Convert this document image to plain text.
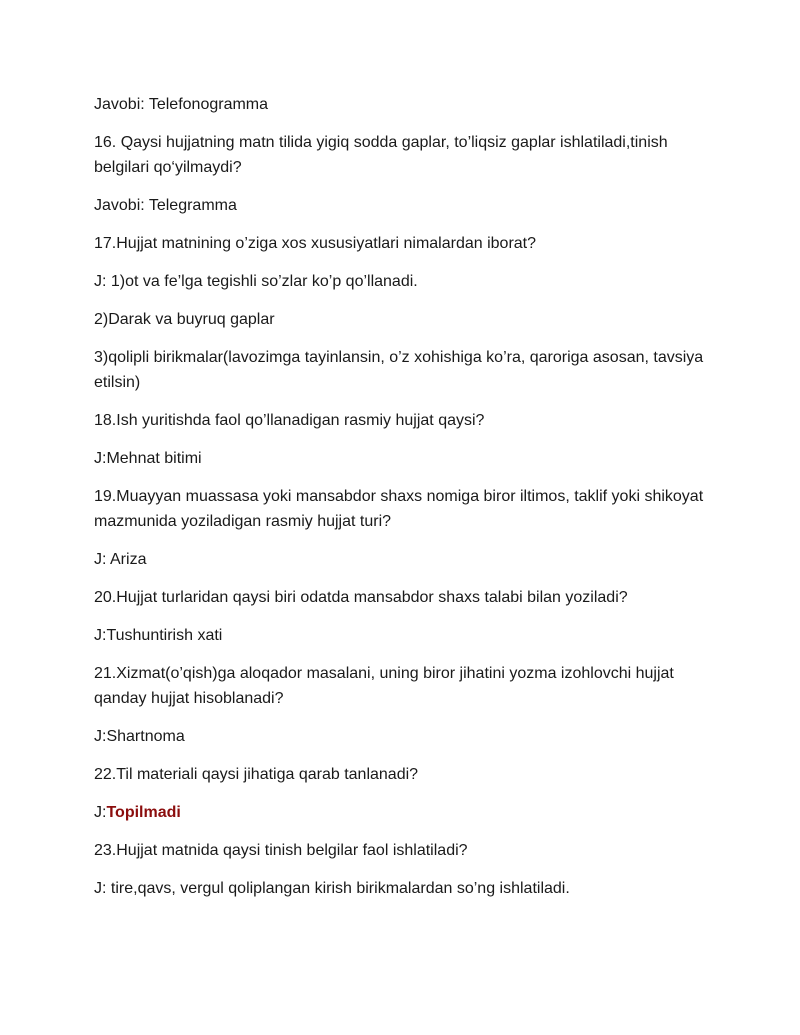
Javobi: Telefonogramma

16. Qaysi hujjatning matn tilida yigiq sodda gaplar, to’liqsiz gaplar ishlatiladi,tinish belgilari qo‘yilmaydi?

Javobi: Telegramma

17.Hujjat matnining o’ziga xos xususiyatlari nimalardan iborat?

J: 1)ot va fe’lga tegishli so’zlar ko’p qo’llanadi.

2)Darak va buyruq gaplar

3)qolipli birikmalar(lavozimga tayinlansin, o’z xohishiga ko’ra, qaroriga asosan, tavsiya etilsin)

18.Ish yuritishda faol qo’llanadigan rasmiy hujjat qaysi?

J:Mehnat bitimi

19.Muayyan muassasa yoki mansabdor shaxs nomiga biror iltimos, taklif yoki shikoyat mazmunida yoziladigan rasmiy hujjat turi?

J: Ariza

20.Hujjat turlaridan qaysi biri odatda mansabdor shaxs talabi bilan yoziladi?

J:Tushuntirish xati

21.Xizmat(o’qish)ga aloqador masalani, uning biror jihatini yozma izohlovchi hujjat qanday hujjat hisoblanadi?

J:Shartnoma

22.Til materiali qaysi jihatiga qarab tanlanadi?

J:Topilmadi

23.Hujjat matnida qaysi tinish belgilar faol ishlatiladi?

J: tire,qavs, vergul qoliplangan kirish birikmalardan so’ng ishlatiladi.
